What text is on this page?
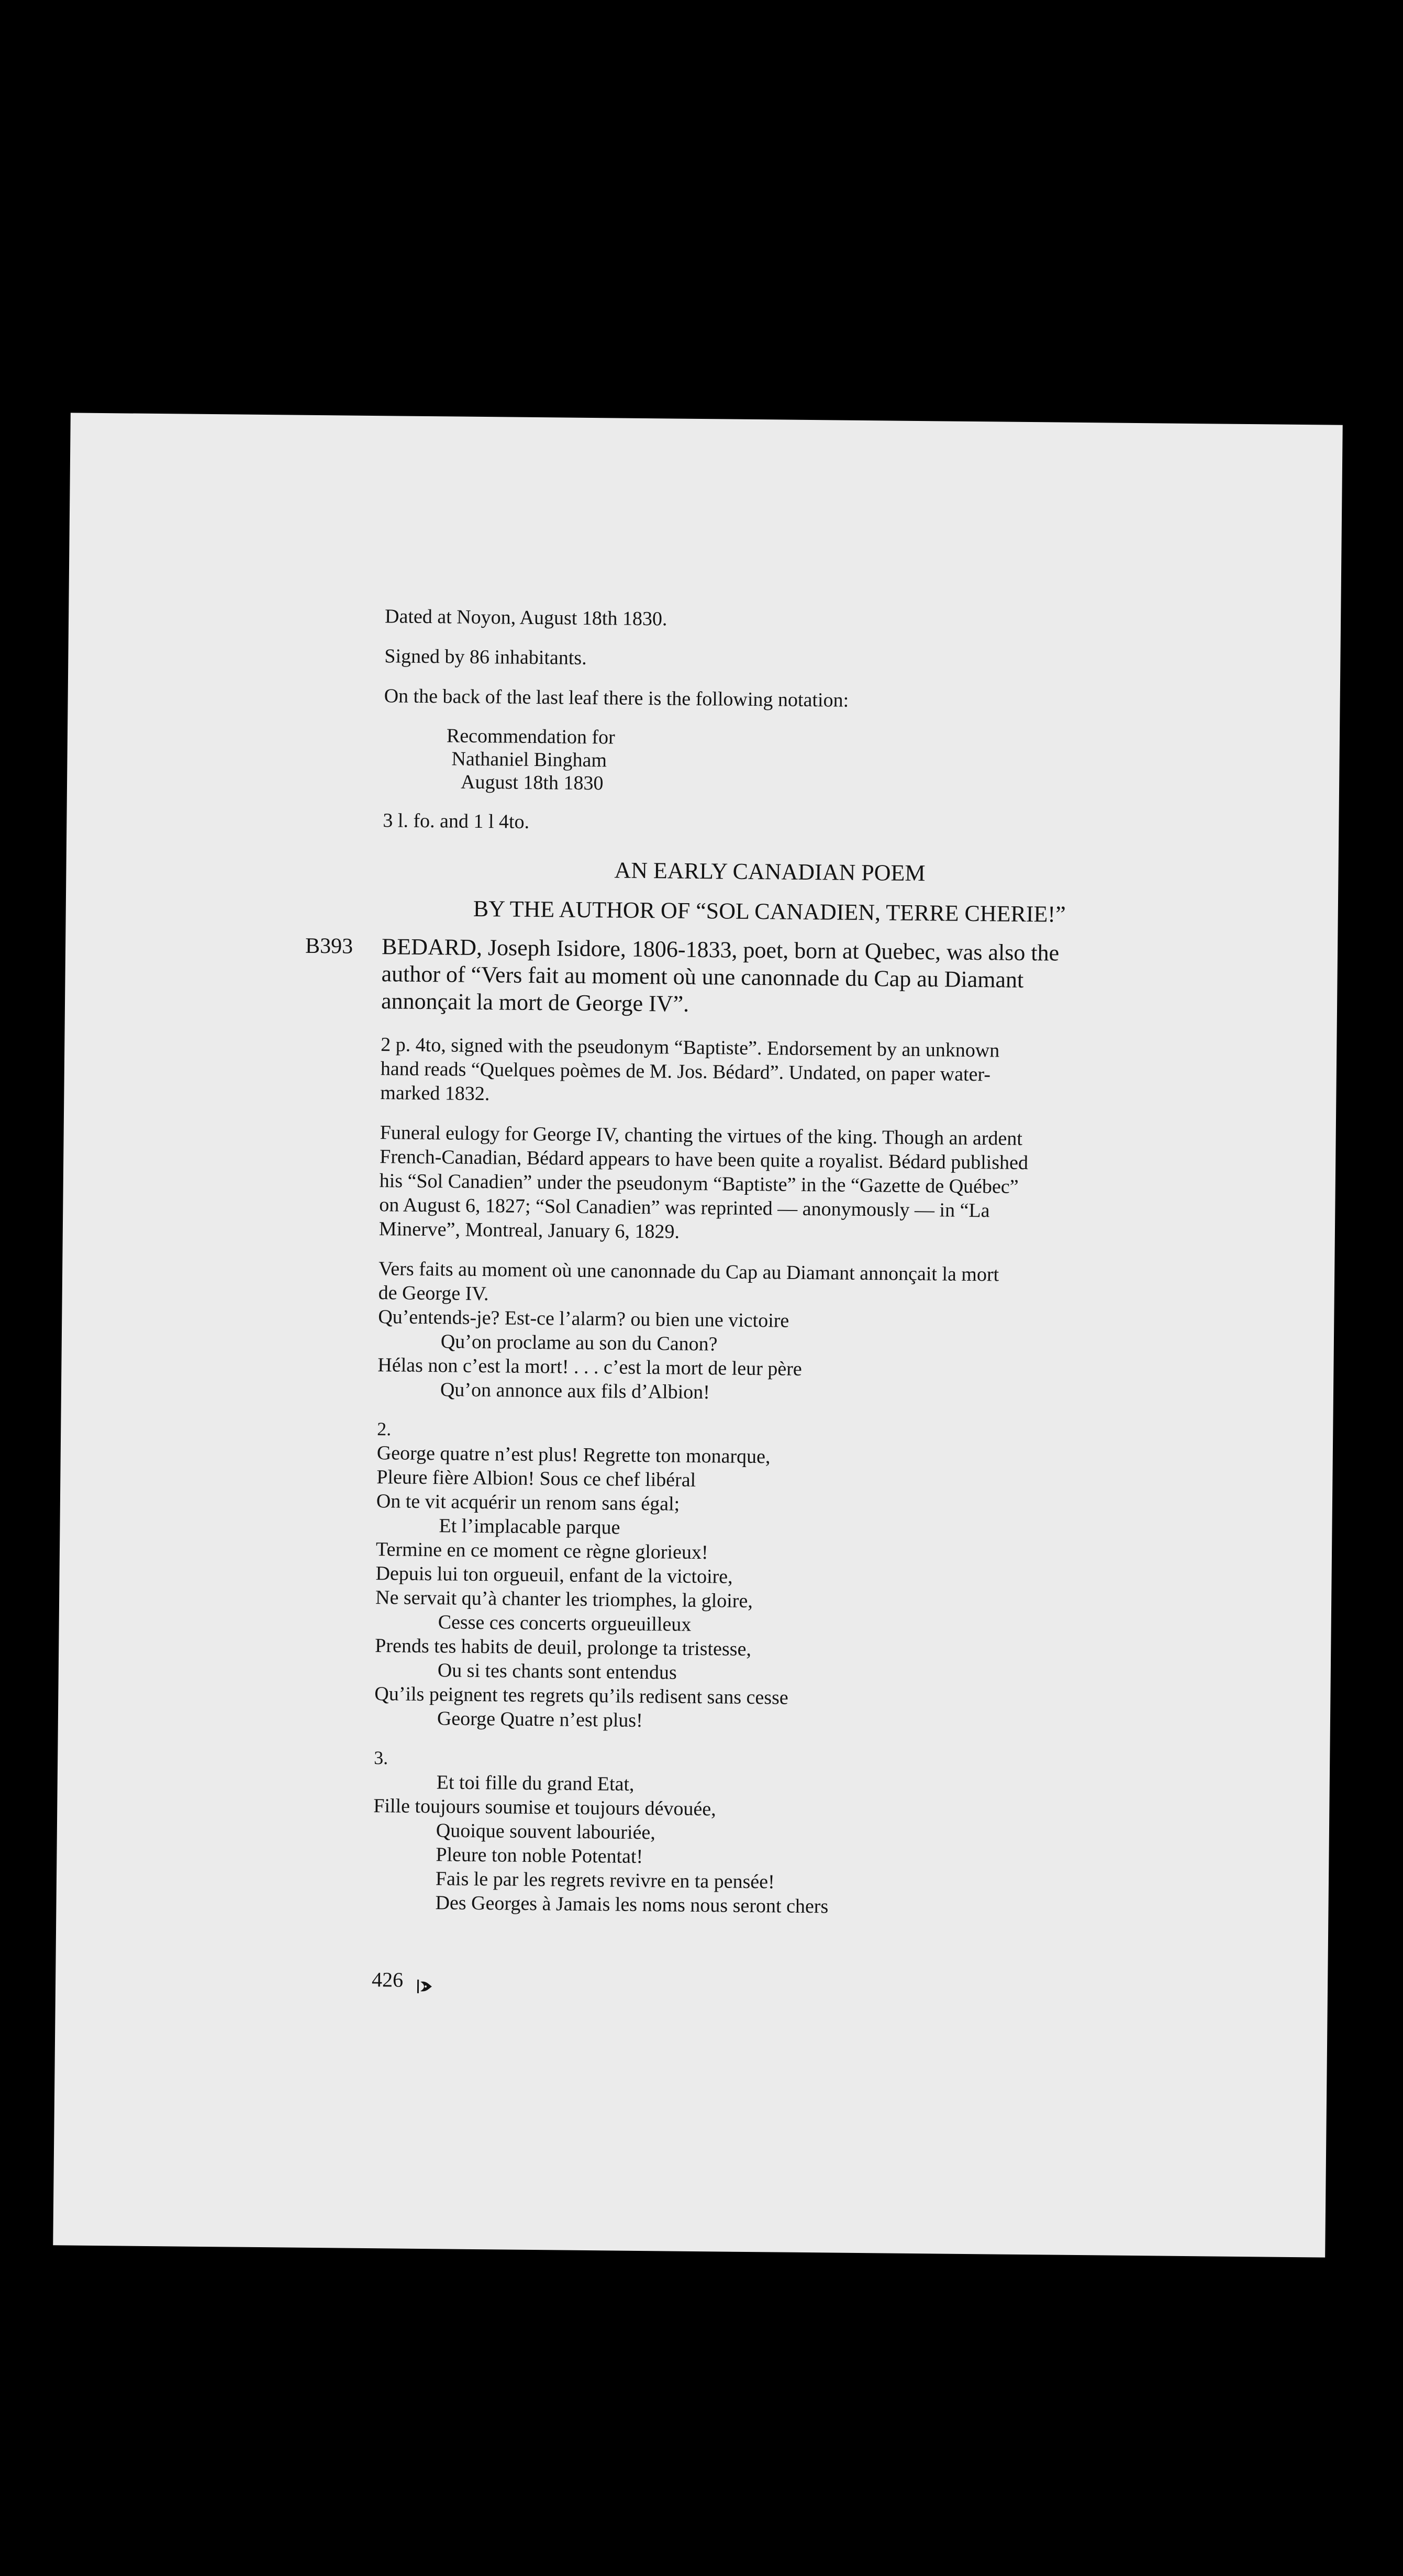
Dated at Noyon, August 18th 1830.
Signed by 86 inhabitants.
On the back of the last leaf there is the following notation:
Recommendation for
Nathaniel Bingham
August 18th 1830
3 l. fo. and 1 l 4to.
AN EARLY CANADIAN POEM
BY THE AUTHOR OF “SOL CANADIEN, TERRE CHERIE!”
B393 BEDARD, Joseph Isidore, 1806-1833, poet, born at Quebec, was also the
author of “Vers fait au moment où une canonnade du Cap au Diamant
annonçait la mort de George IV”.
2 p. 4to, signed with the pseudonym “Baptiste”. Endorsement by an unknown
hand reads “Quelques poèmes de M. Jos. Bédard”. Undated, on paper water-
marked 1832.
Funeral eulogy for George IV, chanting the virtues of the king. Though an ardent
French-Canadian, Bédard appears to have been quite a royalist. Bédard published
his “Sol Canadien” under the pseudonym “Baptiste” in the “Gazette de Québec”
on August 6, 1827; “Sol Canadien” was reprinted — anonymously — in “La
Minerve”, Montreal, January 6, 1829.
Vers faits au moment où une canonnade du Cap au Diamant annonçait la mort
de George IV.
Qu’entends-je? Est-ce l’alarm? ou bien une victoire
Qu’on proclame au son du Canon?
Hélas non c’est la mort! . . . c’est la mort de leur père
Qu’on annonce aux fils d’Albion!
2.
George quatre n’est plus! Regrette ton monarque,
Pleure fière Albion! Sous ce chef libéral
On te vit acquérir un renom sans égal;
Et l’implacable parque
Termine en ce moment ce règne glorieux!
Depuis lui ton orgueuil, enfant de la victoire,
Ne servait qu’à chanter les triomphes, la gloire,
Cesse ces concerts orgueuilleux
Prends tes habits de deuil, prolonge ta tristesse,
Ou si tes chants sont entendus
Qu’ils peignent tes regrets qu’ils redisent sans cesse
George Quatre n’est plus!
3.
Et toi fille du grand Etat,
Fille toujours soumise et toujours dévouée,
Quoique souvent labouriée,
Pleure ton noble Potentat!
Fais le par les regrets revivre en ta pensée!
Des Georges à Jamais les noms nous seront chers
426
